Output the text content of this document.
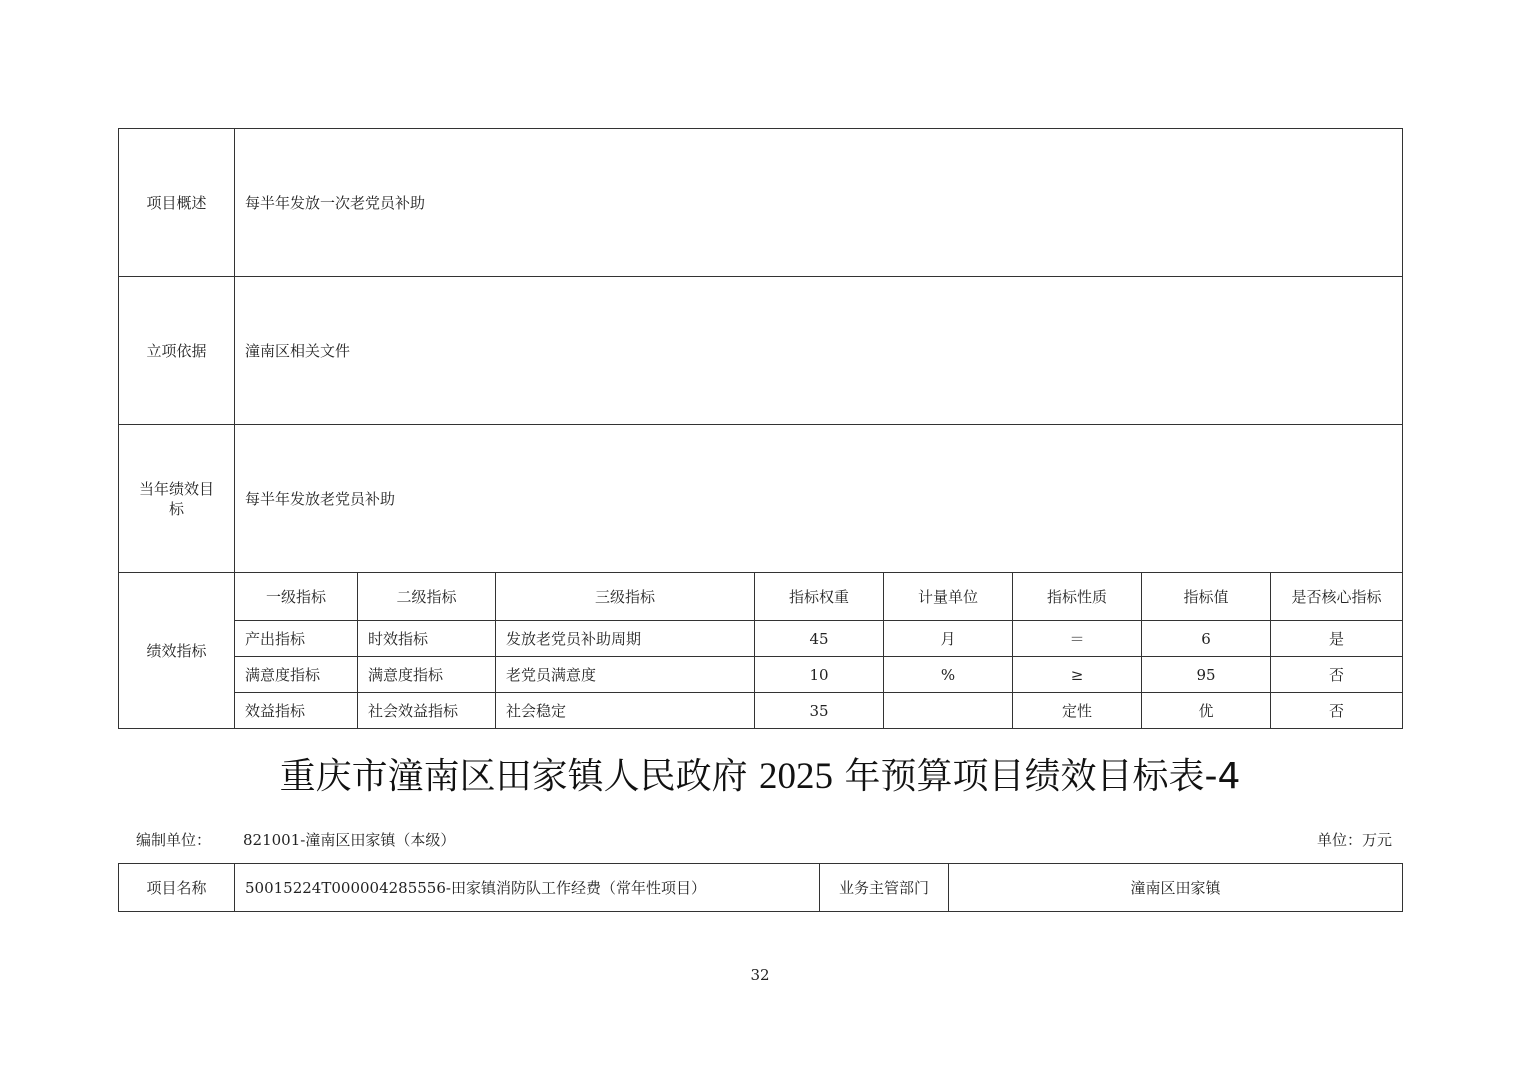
项目概述	每半年发放一次老党员补助							
立项依据	潼南区相关文件							
当年绩效目
标	每半年发放老党员补助							
绩效指标	一级指标	二级指标	三级指标	指标权重	计量单位	指标性质	指标值	是否核心指标
	产出指标	时效指标	发放老党员补助周期	45	月	＝	6	是
	满意度指标	满意度指标	老党员满意度	10	%	≥	95	否
	效益指标	社会效益指标	社会稳定	35		定性	优	否
重庆市潼南区田家镇人民政府 2025 年预算项目绩效目标表-4
编制单位： 821001-潼南区田家镇（本级）	单位：万元
项目名称	50015224T000004285556-田家镇消防队工作经费（常年性项目）	业务主管部门	潼南区田家镇
32
